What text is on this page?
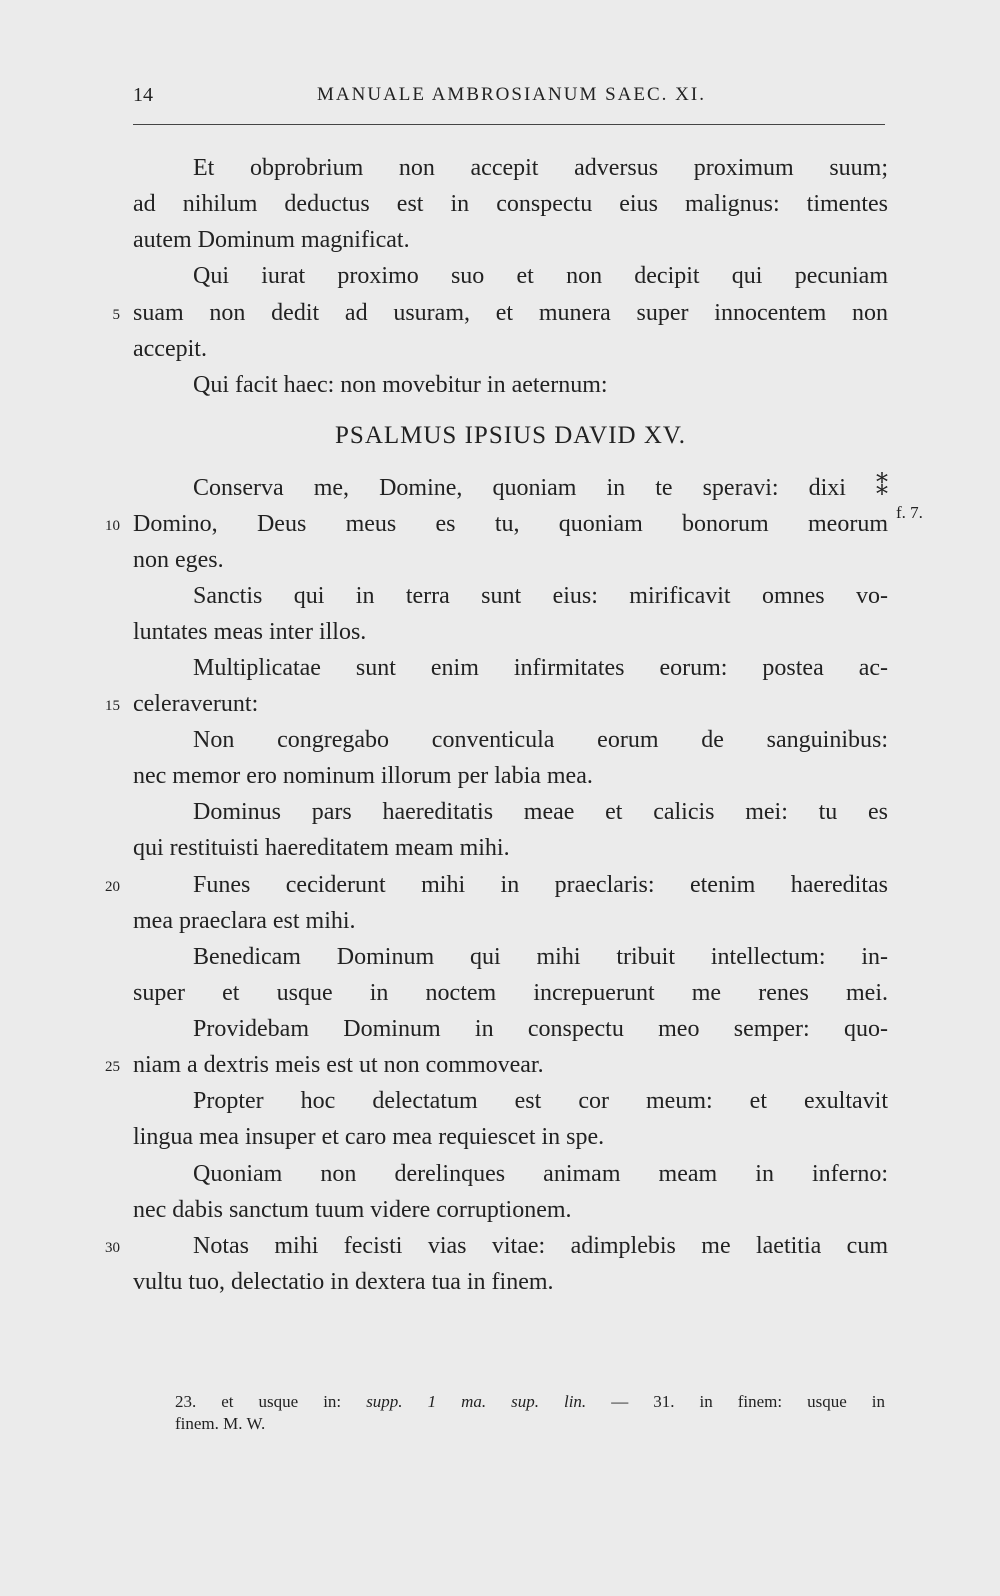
14	MANUALE AMBROSIANUM SAEC. XI.
Et obprobrium non accepit adversus proximum suum;
ad nihilum deductus est in conspectu eius malignus: timentes
autem Dominum magnificat.
Qui iurat proximo suo et non decipit qui pecuniam
suam non dedit ad usuram, et munera super innocentem non
accepit.
Qui facit haec: non movebitur in aeternum:
PSALMUS IPSIUS DAVID XV.
Conserva me, Domine, quoniam in te speravi: dixi ⁑
Domino, Deus meus es tu, quoniam bonorum meorum
non eges.
Sanctis qui in terra sunt eius: mirificavit omnes vo-
luntates meas inter illos.
Multiplicatae sunt enim infirmitates eorum: postea ac-
celeraverunt:
Non congregabo conventicula eorum de sanguinibus:
nec memor ero nominum illorum per labia mea.
Dominus pars haereditatis meae et calicis mei: tu es
qui restituisti haereditatem meam mihi.
Funes ceciderunt mihi in praeclaris: etenim haereditas
mea praeclara est mihi.
Benedicam Dominum qui mihi tribuit intellectum: in-
super et usque in noctem increpuerunt me renes mei.
Providebam Dominum in conspectu meo semper: quo-
niam a dextris meis est ut non commovear.
Propter hoc delectatum est cor meum: et exultavit
lingua mea insuper et caro mea requiescet in spe.
Quoniam non derelinques animam meam in inferno:
nec dabis sanctum tuum videre corruptionem.
Notas mihi fecisti vias vitae: adimplebis me laetitia cum
vultu tuo, delectatio in dextera tua in finem.
5
10
15
20
25
30
f. 7.
23. et usque in: supp. 1 ma. sup. lin. — 31. in finem: usque in
finem. M. W.
